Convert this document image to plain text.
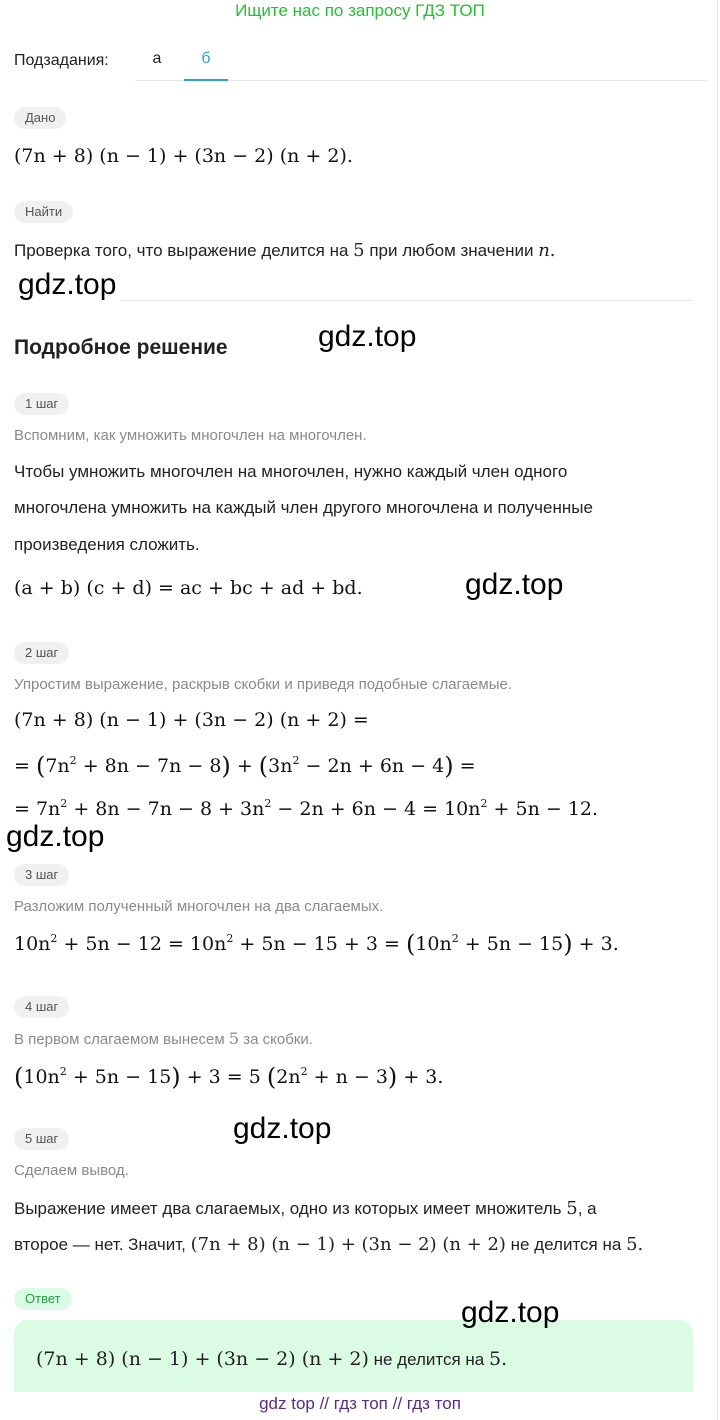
Ищите нас по запросу ГДЗ ТОП
Подзадания:	а	б
Дано
(7n + 8) (n − 1) + (3n − 2) (n + 2).
Найти
Проверка того, что выражение делится на 5 при любом значении n.
gdz.top
gdz.top
Подробное решение
1 шаг
Вспомним, как умножить многочлен на многочлен.
Чтобы умножить многочлен на многочлен, нужно каждый член одного
многочлена умножить на каждый член другого многочлена и полученные
произведения сложить.
(a + b) (c + d) = ac + bc + ad + bd.	gdz.top
2 шаг
Упростим выражение, раскрыв скобки и приведя подобные слагаемые.
(7n + 8) (n − 1) + (3n − 2) (n + 2) =
= $(7n^2 + 8n - 7n - 8) + (3n^2 - 2n + 6n - 4)$ =
= $7n^2 + 8n - 7n - 8 + 3n^2 - 2n + 6n - 4 = 10n^2 + 5n - 12$.
gdz.top
3 шаг
Разложим полученный многочлен на два слагаемых.
$10n^2 + 5n - 12 = 10n^2 + 5n - 15 + 3 = (10n^2 + 5n - 15) + 3$.
4 шаг
В первом слагаемом вынесем 5 за скобки.
$(10n^2 + 5n - 15) + 3 = 5$ $(2n^2 + n - 3) + 3$.
5 шаг	gdz.top
Сделаем вывод.
Выражение имеет два слагаемых, одно из которых имеет множитель 5, а
второе — нет. Значит, (7n + 8) (n − 1) + (3n − 2) (n + 2) не делится на 5.
Ответ
(7n + 8) (n − 1) + (3n − 2) (n + 2) не делится на 5.
gdz.top
gdz top // гдз топ // гдз топ
